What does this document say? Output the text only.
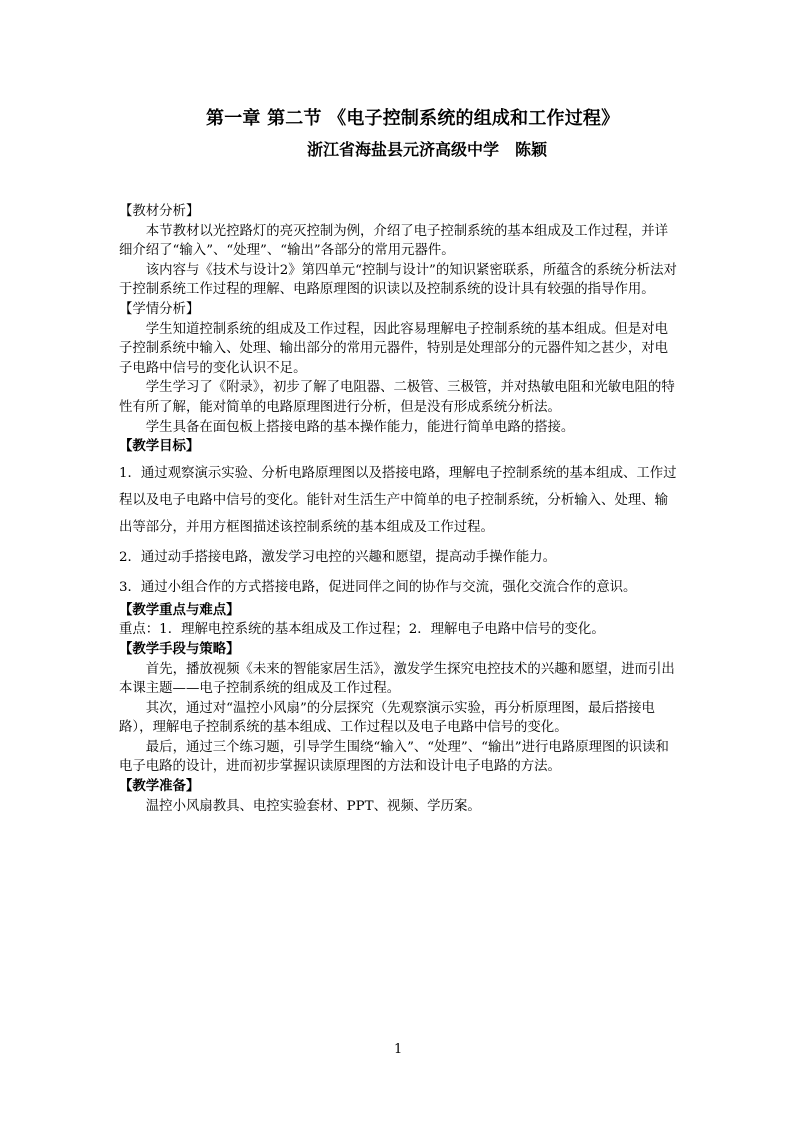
第一章 第二节 《电子控制系统的组成和工作过程》
浙江省海盐县元济高级中学　陈颖

【教材分析】

本节教材以光控路灯的亮灭控制为例，介绍了电子控制系统的基本组成及工作过程，并详细介绍了“输入”、“处理”、“输出”各部分的常用元器件。

该内容与《技术与设计2》第四单元“控制与设计”的知识紧密联系，所蕴含的系统分析法对于控制系统工作过程的理解、电路原理图的识读以及控制系统的设计具有较强的指导作用。

【学情分析】

学生知道控制系统的组成及工作过程，因此容易理解电子控制系统的基本组成。但是对电子控制系统中输入、处理、输出部分的常用元器件，特别是处理部分的元器件知之甚少，对电子电路中信号的变化认识不足。

学生学习了《附录》，初步了解了电阻器、二极管、三极管，并对热敏电阻和光敏电阻的特性有所了解，能对简单的电路原理图进行分析，但是没有形成系统分析法。

学生具备在面包板上搭接电路的基本操作能力，能进行简单电路的搭接。

【教学目标】

1．通过观察演示实验、分析电路原理图以及搭接电路，理解电子控制系统的基本组成、工作过程以及电子电路中信号的变化。能针对生活生产中简单的电子控制系统，分析输入、处理、输出等部分，并用方框图描述该控制系统的基本组成及工作过程。

2．通过动手搭接电路，激发学习电控的兴趣和愿望，提高动手操作能力。

3．通过小组合作的方式搭接电路，促进同伴之间的协作与交流，强化交流合作的意识。

【教学重点与难点】

重点：1．理解电控系统的基本组成及工作过程；2．理解电子电路中信号的变化。

【教学手段与策略】

首先，播放视频《未来的智能家居生活》，激发学生探究电控技术的兴趣和愿望，进而引出本课主题——电子控制系统的组成及工作过程。

其次，通过对“温控小风扇”的分层探究（先观察演示实验，再分析原理图，最后搭接电路），理解电子控制系统的基本组成、工作过程以及电子电路中信号的变化。

最后，通过三个练习题，引导学生围绕“输入”、“处理”、“输出”进行电路原理图的识读和电子电路的设计，进而初步掌握识读原理图的方法和设计电子电路的方法。

【教学准备】

温控小风扇教具、电控实验套材、PPT、视频、学历案。

1
